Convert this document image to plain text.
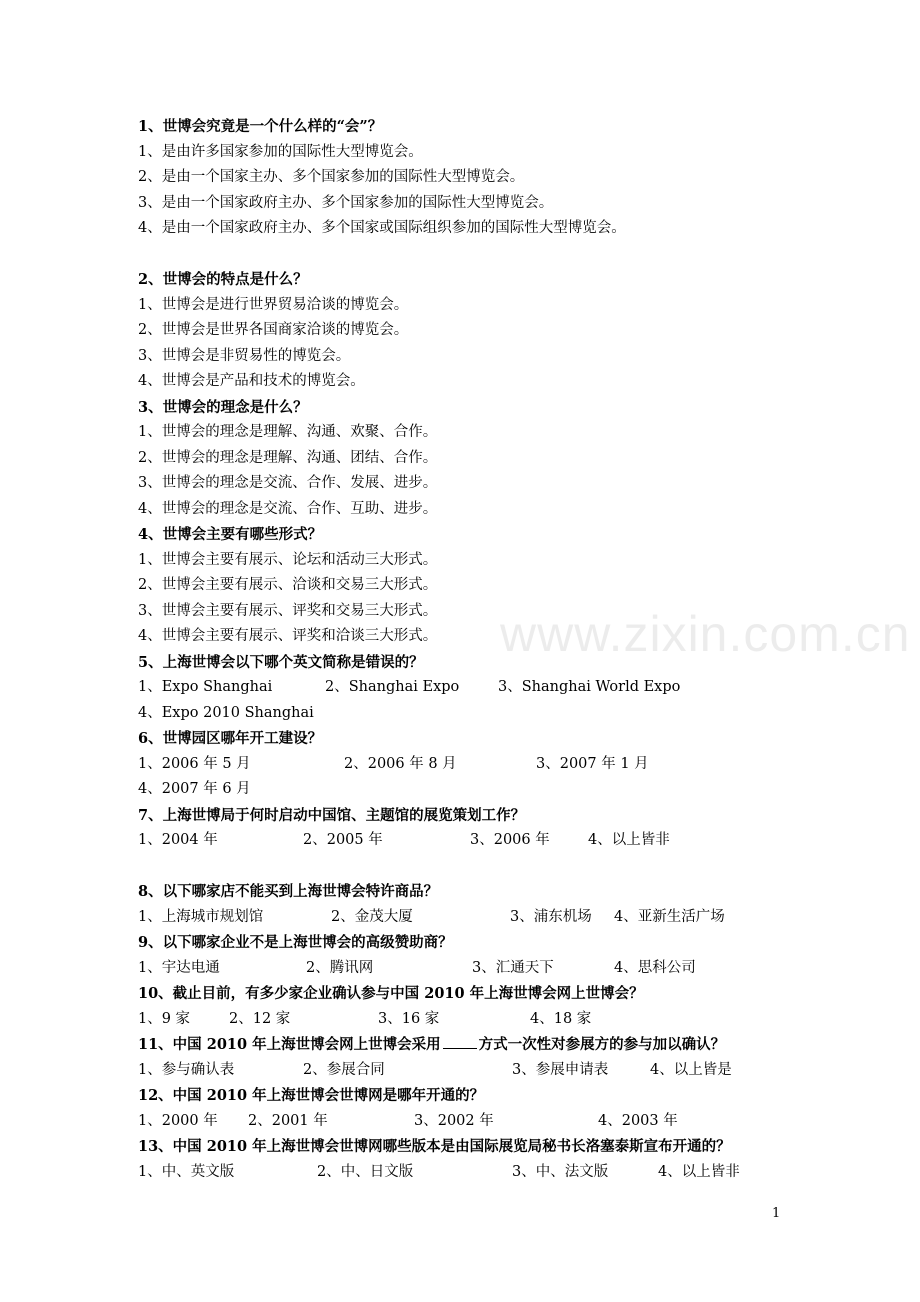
1、世博会究竟是一个什么样的“会”？
1、是由许多国家参加的国际性大型博览会。
2、是由一个国家主办、多个国家参加的国际性大型博览会。
3、是由一个国家政府主办、多个国家参加的国际性大型博览会。
4、是由一个国家政府主办、多个国家或国际组织参加的国际性大型博览会。
2、世博会的特点是什么？
1、世博会是进行世界贸易洽谈的博览会。
2、世博会是世界各国商家洽谈的博览会。
3、世博会是非贸易性的博览会。
4、世博会是产品和技术的博览会。
3、世博会的理念是什么？
1、世博会的理念是理解、沟通、欢聚、合作。
2、世博会的理念是理解、沟通、团结、合作。
3、世博会的理念是交流、合作、发展、进步。
4、世博会的理念是交流、合作、互助、进步。
4、世博会主要有哪些形式？
1、世博会主要有展示、论坛和活动三大形式。
2、世博会主要有展示、洽谈和交易三大形式。
3、世博会主要有展示、评奖和交易三大形式。
4、世博会主要有展示、评奖和洽谈三大形式。
5、上海世博会以下哪个英文简称是错误的？
1、Expo Shanghai	2、Shanghai Expo	3、Shanghai World Expo
4、Expo 2010 Shanghai
6、世博园区哪年开工建设？
1、2006 年 5 月	2、2006 年 8 月	3、2007 年 1 月
4、2007 年 6 月
7、上海世博局于何时启动中国馆、主题馆的展览策划工作？
1、2004 年	2、2005 年	3、2006 年	4、以上皆非
8、以下哪家店不能买到上海世博会特许商品？
1、上海城市规划馆	2、金茂大厦	3、浦东机场 4、亚新生活广场
9、以下哪家企业不是上海世博会的高级赞助商？
1、宇达电通	2、腾讯网	3、汇通天下	4、思科公司
10、截止目前，有多少家企业确认参与中国 2010 年上海世博会网上世博会？
1、9 家	2、12 家	3、16 家	4、18 家
11、中国 2010 年上海世博会网上世博会采用	方式一次性对参展方的参与加以确认？
1、参与确认表	2、参展合同	3、参展申请表	4、以上皆是
12、中国 2010 年上海世博会世博网是哪年开通的？
1、2000 年 2、2001 年	3、2002 年	4、2003 年
13、中国 2010 年上海世博会世博网哪些版本是由国际展览局秘书长洛塞泰斯宣布开通的？
1、中、英文版	2、中、日文版	3、中、法文版	4、以上皆非
www.zixin.com.cn
1
